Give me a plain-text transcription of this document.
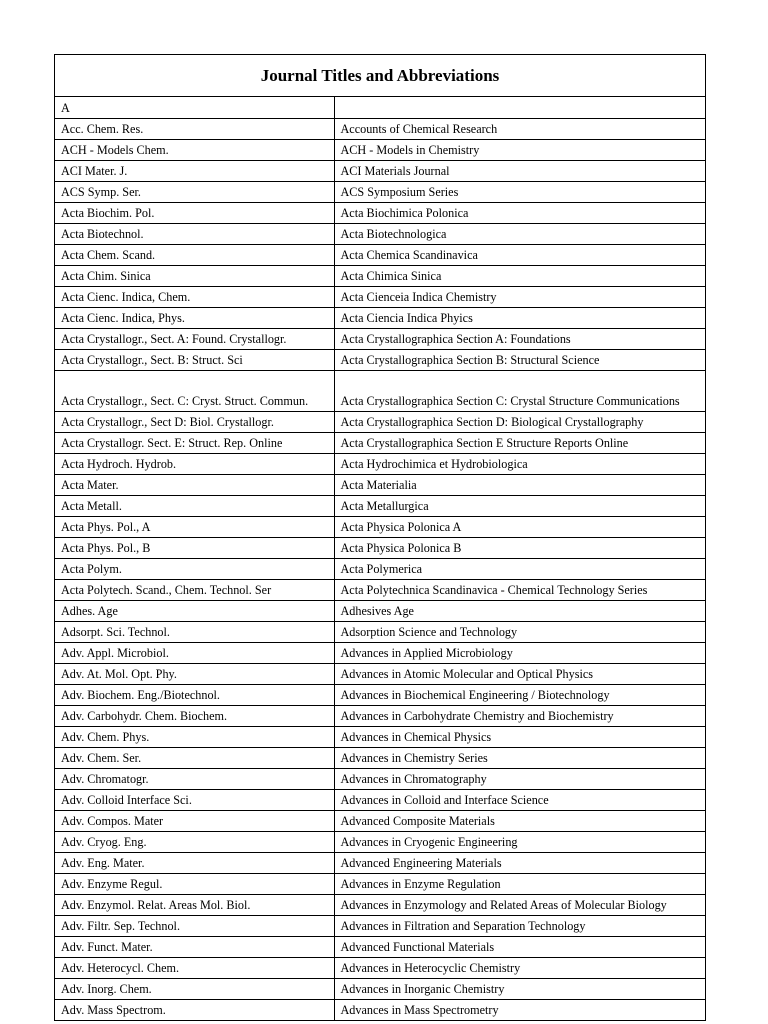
Journal Titles and Abbreviations
A	
Acc. Chem. Res.	Accounts of Chemical Research
ACH - Models Chem.	ACH - Models in Chemistry
ACI Mater. J.	ACI Materials Journal
ACS Symp. Ser.	ACS Symposium Series
Acta Biochim. Pol.	Acta Biochimica Polonica
Acta Biotechnol.	Acta Biotechnologica
Acta Chem. Scand.	Acta Chemica Scandinavica
Acta Chim. Sinica	Acta Chimica Sinica
Acta Cienc. Indica, Chem.	Acta Cienceia Indica Chemistry
Acta Cienc. Indica, Phys.	Acta Ciencia Indica Phyics
Acta Crystallogr., Sect. A: Found. Crystallogr.	Acta Crystallographica Section A: Foundations
Acta Crystallogr., Sect. B: Struct. Sci	Acta Crystallographica Section B: Structural Science
Acta Crystallogr., Sect. C: Cryst. Struct. Commun.	Acta Crystallographica Section C: Crystal Structure Communications
Acta Crystallogr., Sect D: Biol. Crystallogr.	Acta Crystallographica Section D: Biological Crystallography
Acta Crystallogr. Sect. E: Struct. Rep. Online	Acta Crystallographica Section E Structure Reports Online
Acta Hydroch. Hydrob.	Acta Hydrochimica et Hydrobiologica
Acta Mater.	Acta Materialia
Acta Metall.	Acta Metallurgica
Acta Phys. Pol., A	Acta Physica Polonica A
Acta Phys. Pol., B	Acta Physica Polonica B
Acta Polym.	Acta Polymerica
Acta Polytech. Scand., Chem. Technol. Ser	Acta Polytechnica Scandinavica - Chemical Technology Series
Adhes. Age	Adhesives Age
Adsorpt. Sci. Technol.	Adsorption Science and Technology
Adv. Appl. Microbiol.	Advances in Applied Microbiology
Adv. At. Mol. Opt. Phy.	Advances in Atomic Molecular and Optical Physics
Adv. Biochem. Eng./Biotechnol.	Advances in Biochemical Engineering / Biotechnology
Adv. Carbohydr. Chem. Biochem.	Advances in Carbohydrate Chemistry and Biochemistry
Adv. Chem. Phys.	Advances in Chemical Physics
Adv. Chem. Ser.	Advances in Chemistry Series
Adv. Chromatogr.	Advances in Chromatography
Adv. Colloid Interface Sci.	Advances in Colloid and Interface Science
Adv. Compos. Mater	Advanced Composite Materials
Adv. Cryog. Eng.	Advances in Cryogenic Engineering
Adv. Eng. Mater.	Advanced Engineering Materials
Adv. Enzyme Regul.	Advances in Enzyme Regulation
Adv. Enzymol. Relat. Areas Mol. Biol.	Advances in Enzymology and Related Areas of Molecular Biology
Adv. Filtr. Sep. Technol.	Advances in Filtration and Separation Technology
Adv. Funct. Mater.	Advanced Functional Materials
Adv. Heterocycl. Chem.	Advances in Heterocyclic Chemistry
Adv. Inorg. Chem.	Advances in Inorganic Chemistry
Adv. Mass Spectrom.	Advances in Mass Spectrometry
